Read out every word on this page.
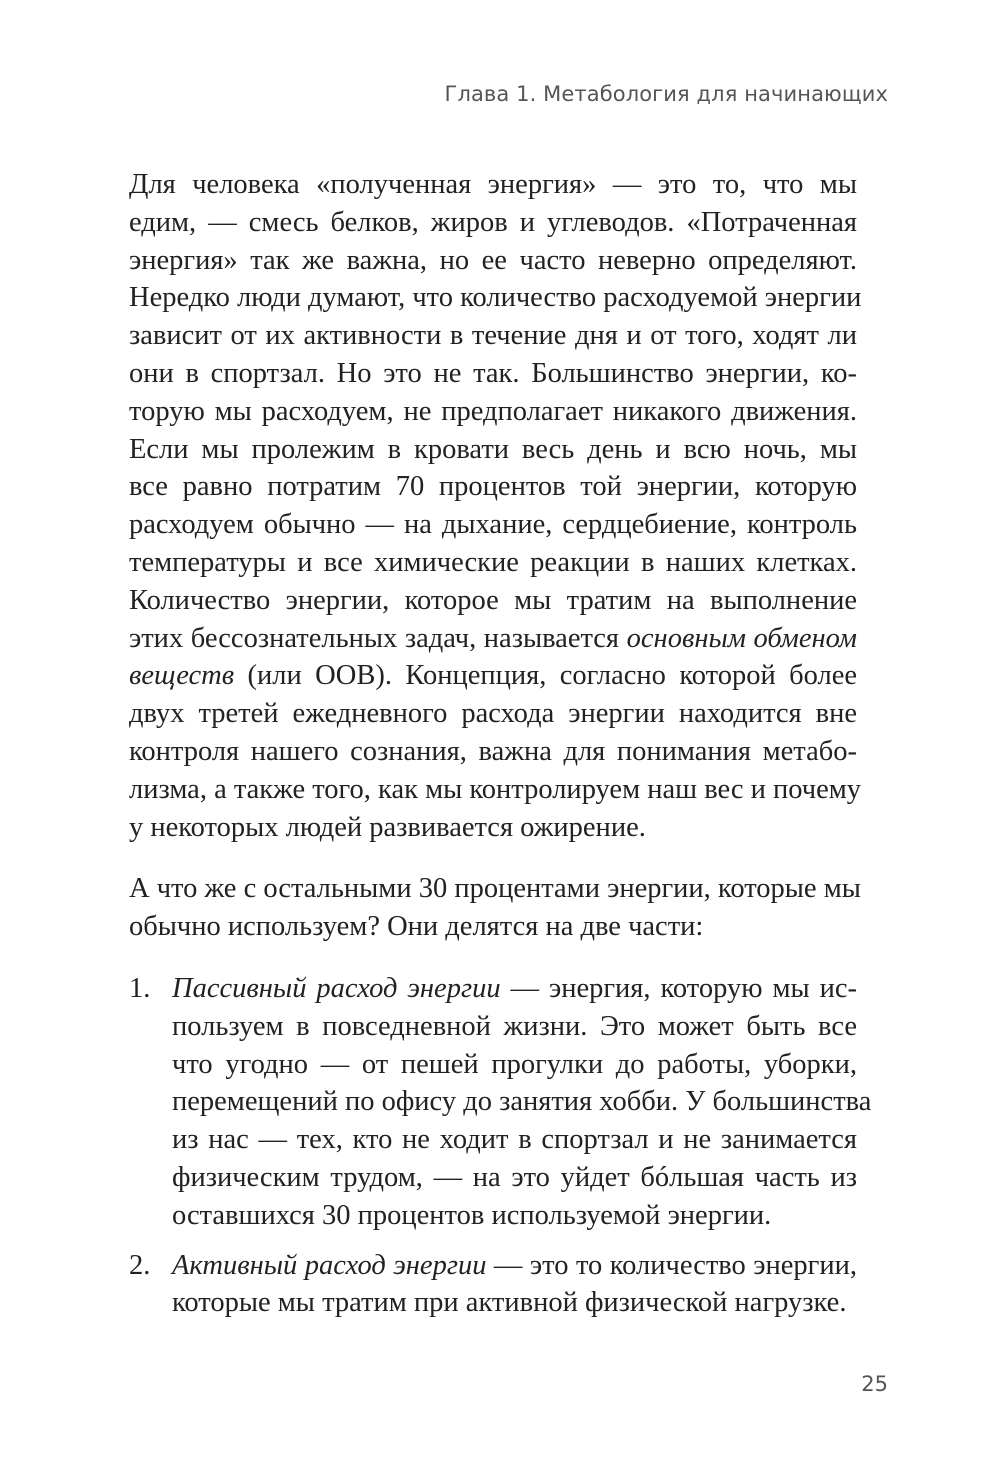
Глава 1. Метабология для начинающих
Для человека «полученная энергия» — это то, что мы
едим, — смесь белков, жиров и углеводов. «Потраченная
энергия» так же важна, но ее часто неверно определяют.
Нередко люди думают, что количество расходуемой энергии
зависит от их активности в течение дня и от того, ходят ли
они в спортзал. Но это не так. Большинство энергии, ко-
торую мы расходуем, не предполагает никакого движения.
Если мы пролежим в кровати весь день и всю ночь, мы
все равно потратим 70 процентов той энергии, которую
расходуем обычно — на дыхание, сердцебиение, контроль
температуры и все химические реакции в наших клетках.
Количество энергии, которое мы тратим на выполнение
этих бессознательных задач, называется основным обменом
веществ (или ООВ). Концепция, согласно которой более
двух третей ежедневного расхода энергии находится вне
контроля нашего сознания, важна для понимания метабо-
лизма, а также того, как мы контролируем наш вес и почему
у некоторых людей развивается ожирение.
А что же с остальными 30 процентами энергии, которые мы
обычно используем? Они делятся на две части:
1. Пассивный расход энергии — энергия, которую мы ис-
пользуем в повседневной жизни. Это может быть все
что угодно — от пешей прогулки до работы, уборки,
перемещений по офису до занятия хобби. У большинства
из нас — тех, кто не ходит в спортзал и не занимается
физическим трудом, — на это уйдет бóльшая часть из
оставшихся 30 процентов используемой энергии.
2. Активный расход энергии — это то количество энергии,
которые мы тратим при активной физической нагрузке.
25
